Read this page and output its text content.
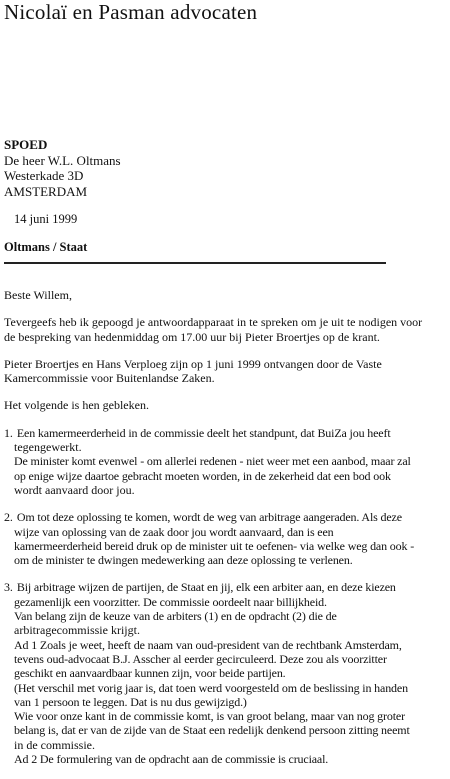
Nicolaï en Pasman advocaten
SPOED
De heer W.L. Oltmans
Westerkade 3D
AMSTERDAM
14 juni 1999
Oltmans / Staat

Beste Willem,

Tevergeefs heb ik gepoogd je antwoordapparaat in te spreken om je uit te nodigen voor
de bespreking van hedenmiddag om 17.00 uur bij Pieter Broertjes op de krant.

Pieter Broertjes en Hans Verploeg zijn op 1 juni 1999 ontvangen door de Vaste
Kamercommissie voor Buitenlandse Zaken.

Het volgende is hen gebleken.

1. Een kamermeerderheid in de commissie deelt het standpunt, dat BuiZa jou heeft
tegengewerkt.
De minister komt evenwel - om allerlei redenen - niet weer met een aanbod, maar zal
op enige wijze daartoe gebracht moeten worden, in de zekerheid dat een bod ook
wordt aanvaard door jou.

2. Om tot deze oplossing te komen, wordt de weg van arbitrage aangeraden. Als deze
wijze van oplossing van de zaak door jou wordt aanvaard, dan is een
kamermeerderheid bereid druk op de minister uit te oefenen- via welke weg dan ook -
om de minister te dwingen medewerking aan deze oplossing te verlenen.

3. Bij arbitrage wijzen de partijen, de Staat en jij, elk een arbiter aan, en deze kiezen
gezamenlijk een voorzitter. De commissie oordeelt naar billijkheid.
Van belang zijn de keuze van de arbiters (1) en de opdracht (2) die de
arbitragecommissie krijgt.
Ad 1 Zoals je weet, heeft de naam van oud-president van de rechtbank Amsterdam,
tevens oud-advocaat B.J. Asscher al eerder gecirculeerd. Deze zou als voorzitter
geschikt en aanvaardbaar kunnen zijn, voor beide partijen.
(Het verschil met vorig jaar is, dat toen werd voorgesteld om de beslissing in handen
van 1 persoon te leggen. Dat is nu dus gewijzigd.)
Wie voor onze kant in de commissie komt, is van groot belang, maar van nog groter
belang is, dat er van de zijde van de Staat een redelijk denkend persoon zitting neemt
in de commissie.
Ad 2 De formulering van de opdracht aan de commissie is cruciaal.
